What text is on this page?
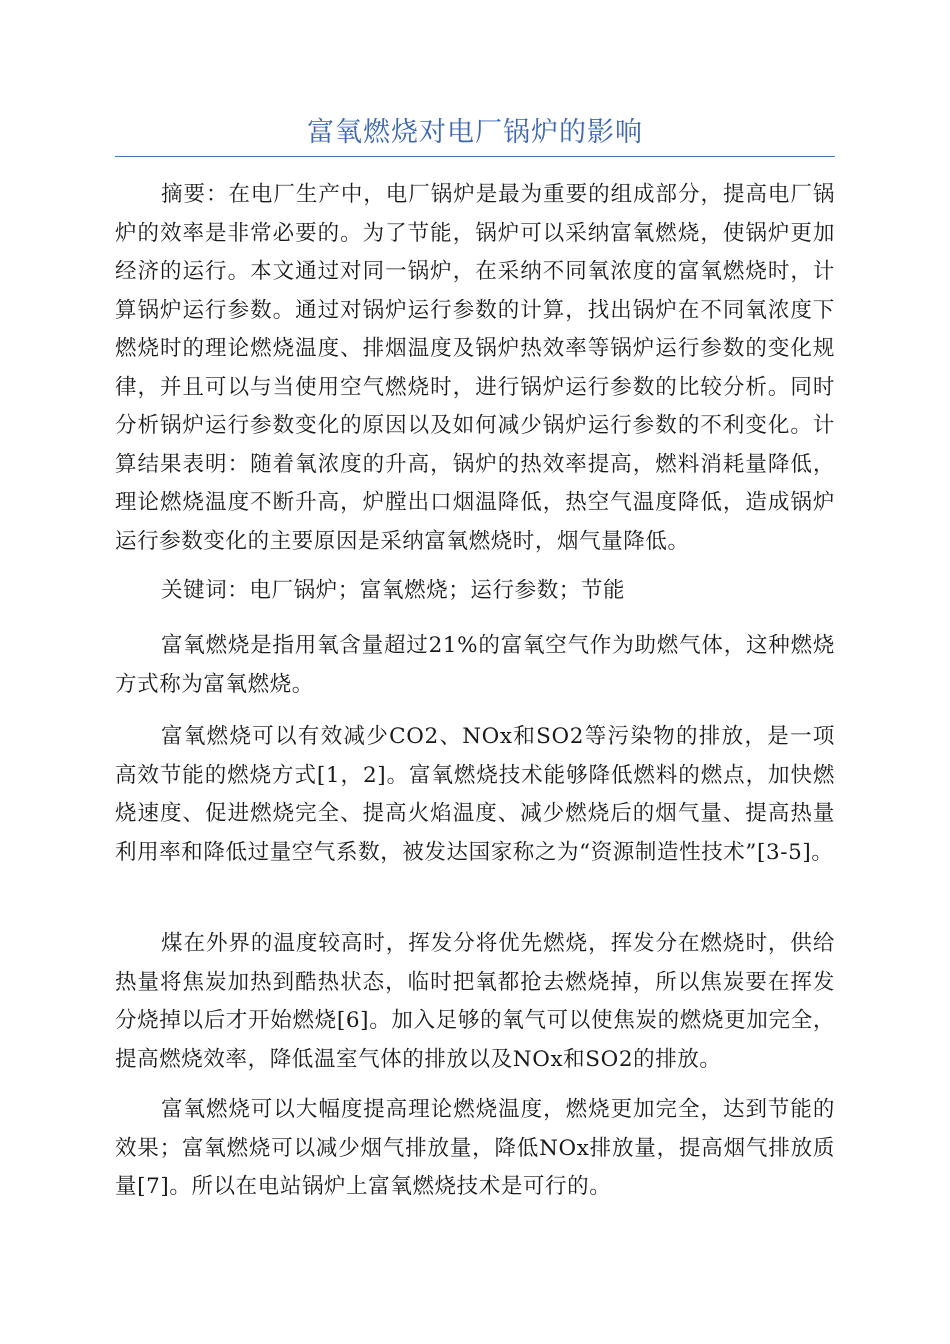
富氧燃烧对电厂锅炉的影响

摘要：在电厂生产中，电厂锅炉是最为重要的组成部分，提高电厂锅炉的效率是非常必要的。为了节能，锅炉可以采纳富氧燃烧，使锅炉更加经济的运行。本文通过对同一锅炉，在采纳不同氧浓度的富氧燃烧时，计算锅炉运行参数。通过对锅炉运行参数的计算，找出锅炉在不同氧浓度下燃烧时的理论燃烧温度、排烟温度及锅炉热效率等锅炉运行参数的变化规律，并且可以与当使用空气燃烧时，进行锅炉运行参数的比较分析。同时分析锅炉运行参数变化的原因以及如何减少锅炉运行参数的不利变化。计算结果表明：随着氧浓度的升高，锅炉的热效率提高，燃料消耗量降低，理论燃烧温度不断升高，炉膛出口烟温降低，热空气温度降低，造成锅炉运行参数变化的主要原因是采纳富氧燃烧时，烟气量降低。

关键词：电厂锅炉；富氧燃烧；运行参数；节能

富氧燃烧是指用氧含量超过21%的富氧空气作为助燃气体，这种燃烧方式称为富氧燃烧。

富氧燃烧可以有效减少CO2、NOx和SO2等污染物的排放，是一项高效节能的燃烧方式[1，2]。富氧燃烧技术能够降低燃料的燃点，加快燃烧速度、促进燃烧完全、提高火焰温度、减少燃烧后的烟气量、提高热量利用率和降低过量空气系数，被发达国家称之为“资源制造性技术”[3-5]。

煤在外界的温度较高时，挥发分将优先燃烧，挥发分在燃烧时，供给热量将焦炭加热到酷热状态，临时把氧都抢去燃烧掉，所以焦炭要在挥发分烧掉以后才开始燃烧[6]。加入足够的氧气可以使焦炭的燃烧更加完全，提高燃烧效率，降低温室气体的排放以及NOx和SO2的排放。

富氧燃烧可以大幅度提高理论燃烧温度，燃烧更加完全，达到节能的效果；富氧燃烧可以减少烟气排放量，降低NOx排放量，提高烟气排放质量[7]。所以在电站锅炉上富氧燃烧技术是可行的。
